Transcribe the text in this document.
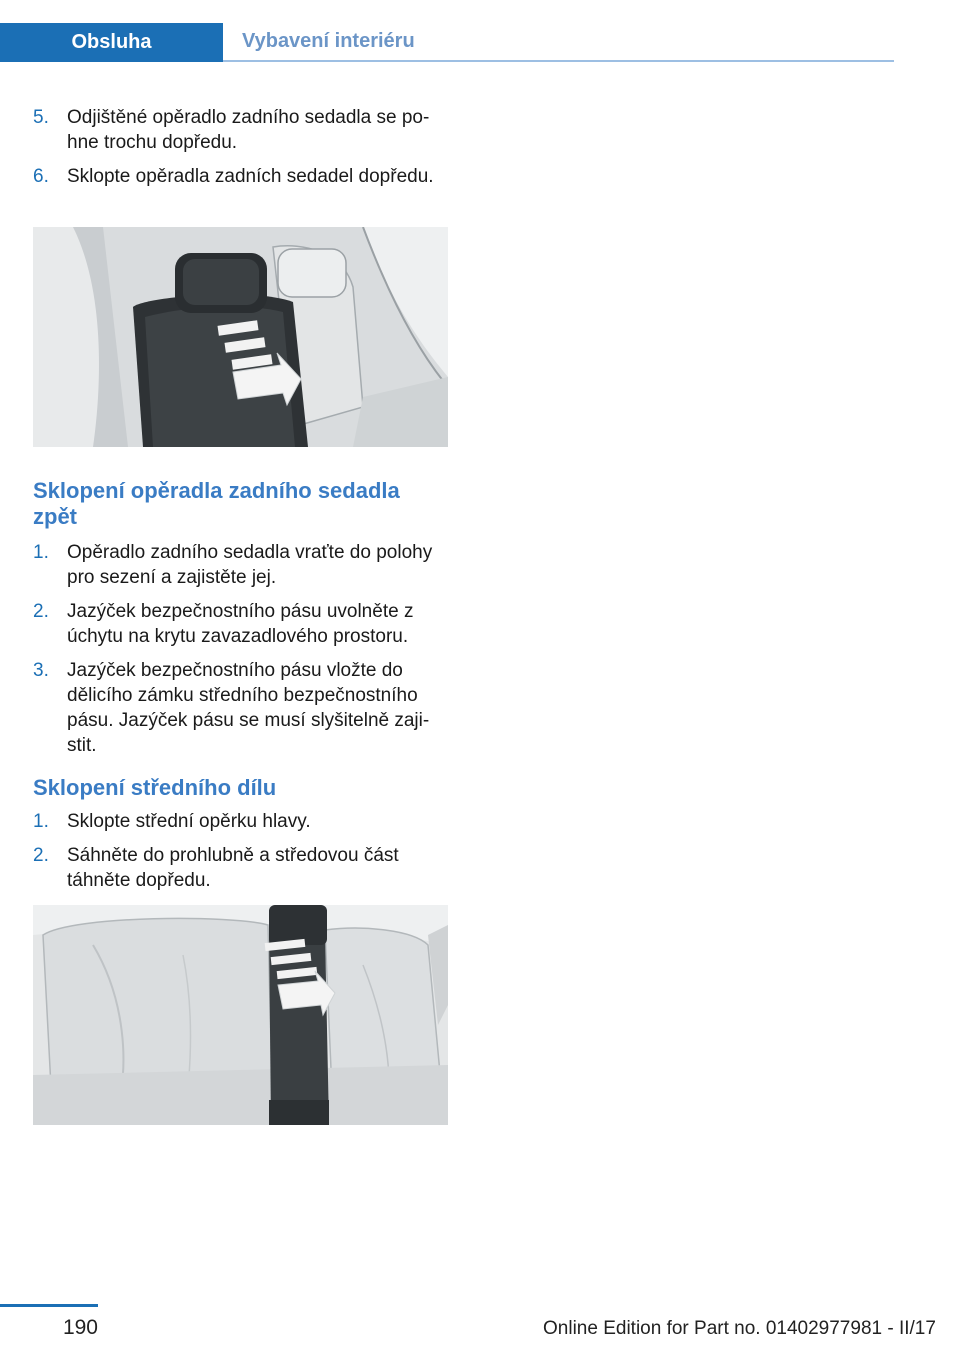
Obsluha	Vybavení interiéru
5. Odjištěné opěradlo zadního sedadla se pohne trochu dopředu.
6. Sklopte opěradla zadních sedadel dopředu.
Sklopení opěradla zadního sedadla zpět
1. Opěradlo zadního sedadla vraťte do polohy pro sezení a zajistěte jej.
2. Jazýček bezpečnostního pásu uvolněte z úchytu na krytu zavazadlového prostoru.
3. Jazýček bezpečnostního pásu vložte do dělicího zámku středního bezpečnostního pásu. Jazýček pásu se musí slyšitelně zajistit.
Sklopení středního dílu
1. Sklopte střední opěrku hlavy.
2. Sáhněte do prohlubně a středovou část táhněte dopředu.
190	Online Edition for Part no. 01402977981 - II/17
